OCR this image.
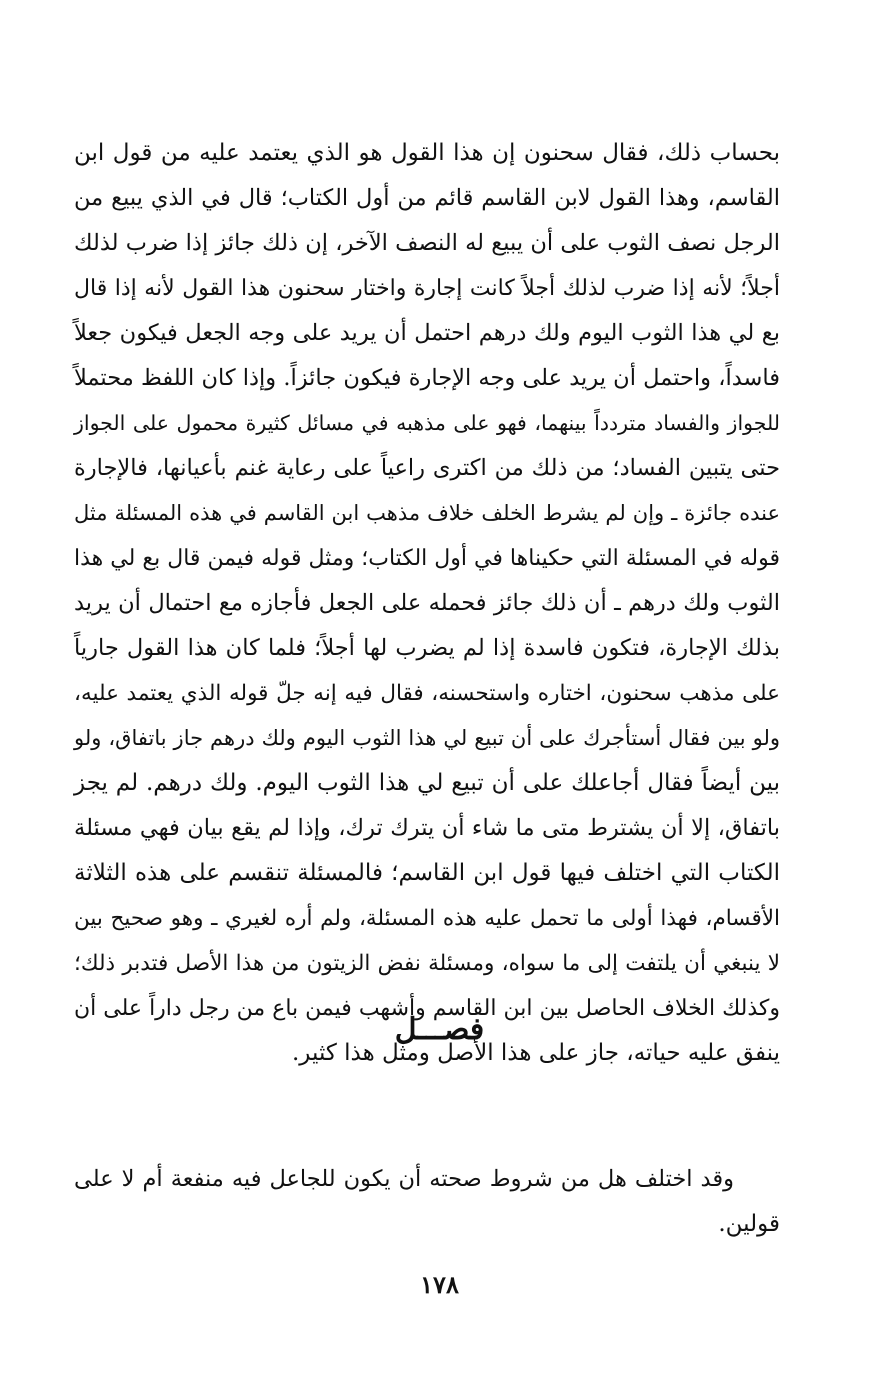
بحساب ذلك، فقال سحنون إن هذا القول هو الذي يعتمد عليه من قول ابن
القاسم، وهذا القول لابن القاسم قائم من أول الكتاب؛ قال في الذي يبيع من
الرجل نصف الثوب على أن يبيع له النصف الآخر، إن ذلك جائز إذا ضرب لذلك
أجلاً؛ لأنه إذا ضرب لذلك أجلاً كانت إجارة واختار سحنون هذا القول لأنه إذا قال
بع لي هذا الثوب اليوم ولك درهم احتمل أن يريد على وجه الجعل فيكون جعلاً
فاسداً، واحتمل أن يريد على وجه الإجارة فيكون جائزاً. وإذا كان اللفظ محتملاً
للجواز والفساد متردداً بينهما، فهو على مذهبه في مسائل كثيرة محمول على الجواز
حتى يتبين الفساد؛ من ذلك من اكترى راعياً على رعاية غنم بأعيانها، فالإجارة
عنده جائزة ـ وإن لم يشرط الخلف خلاف مذهب ابن القاسم في هذه المسئلة مثل
قوله في المسئلة التي حكيناها في أول الكتاب؛ ومثل قوله فيمن قال بع لي هذا
الثوب ولك درهم ـ أن ذلك جائز فحمله على الجعل فأجازه مع احتمال أن يريد
بذلك الإجارة، فتكون فاسدة إذا لم يضرب لها أجلاً؛ فلما كان هذا القول جارياً
على مذهب سحنون، اختاره واستحسنه، فقال فيه إنه جلّ قوله الذي يعتمد عليه،
ولو بين فقال أستأجرك على أن تبيع لي هذا الثوب اليوم ولك درهم جاز باتفاق، ولو
بين أيضاً فقال أجاعلك على أن تبيع لي هذا الثوب اليوم. ولك درهم. لم يجز
باتفاق، إلا أن يشترط متى ما شاء أن يترك ترك، وإذا لم يقع بيان فهي مسئلة
الكتاب التي اختلف فيها قول ابن القاسم؛ فالمسئلة تنقسم على هذه الثلاثة
الأقسام، فهذا أولى ما تحمل عليه هذه المسئلة، ولم أره لغيري ـ وهو صحيح بين
لا ينبغي أن يلتفت إلى ما سواه، ومسئلة نفض الزيتون من هذا الأصل فتدبر ذلك؛
وكذلك الخلاف الحاصل بين ابن القاسم وأشهب فيمن باع من رجل داراً على أن
ينفق عليه حياته، جاز على هذا الأصل ومثل هذا كثير.
فصـــل
وقد اختلف هل من شروط صحته أن يكون للجاعل فيه منفعة أم لا على
قولين.
١٧٨
